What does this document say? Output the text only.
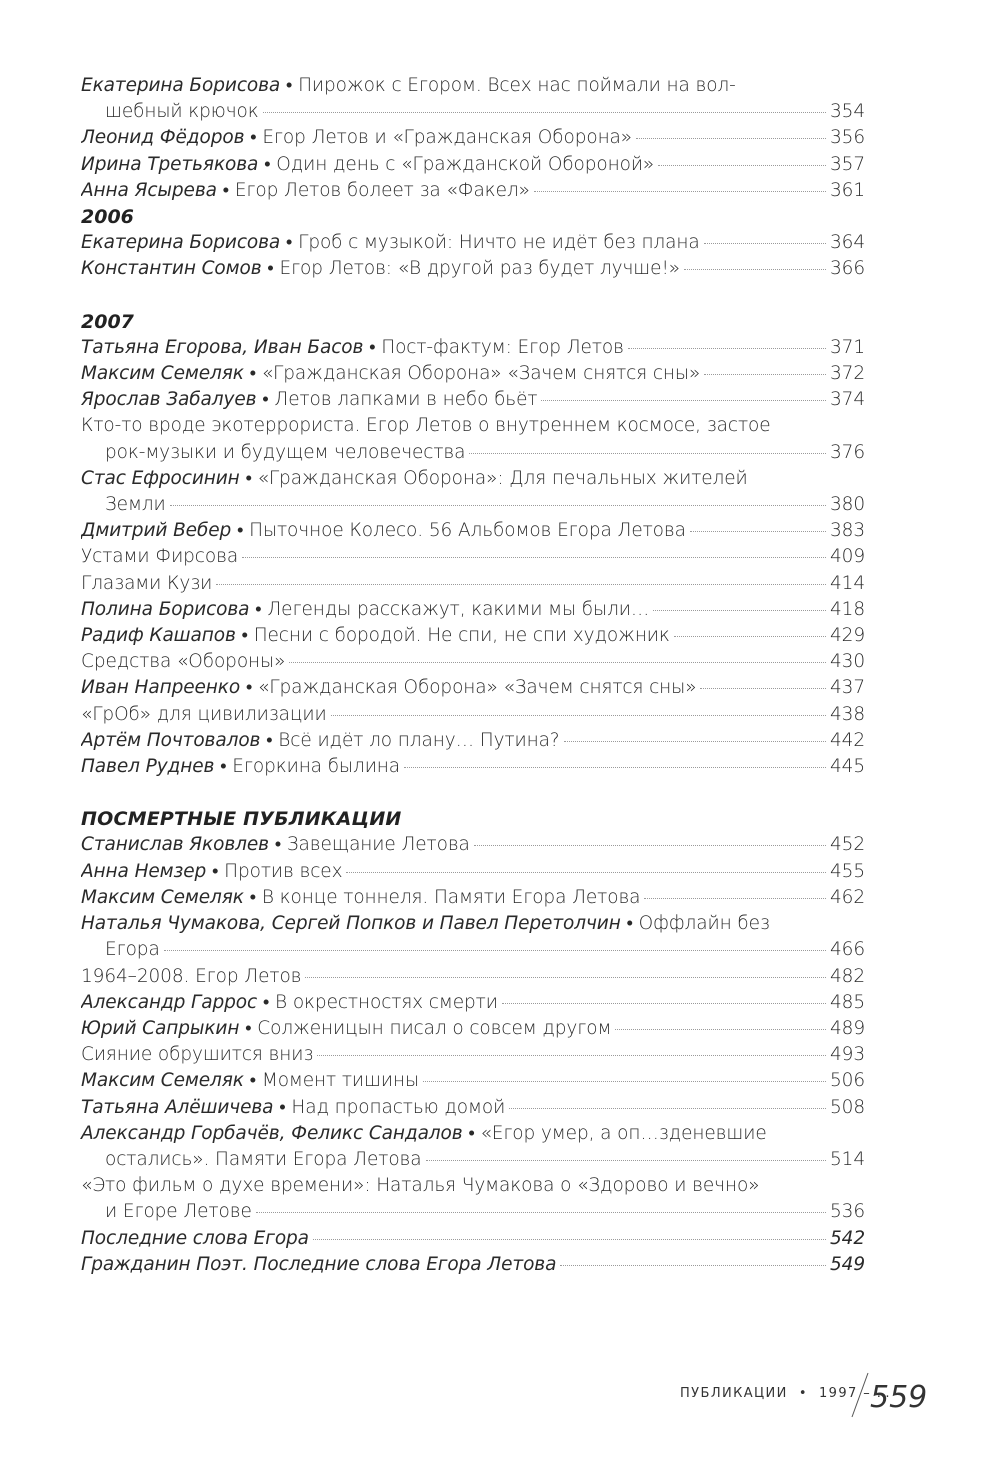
Екатерина Борисова • Пирожок с Егором. Всех нас поймали на вол-
шебный крючок	354
Леонид Фёдоров • Егор Летов и «Гражданская Оборона»	356
Ирина Третьякова • Один день с «Гражданской Обороной»	357
Анна Ясырева • Егор Летов болеет за «Факел»	361
2006
Екатерина Борисова • Гроб с музыкой: Ничто не идёт без плана	364
Константин Сомов • Егор Летов: «В другой раз будет лучше!»	366
2007
Татьяна Егорова, Иван Басов • Пост-фактум: Егор Летов	371
Максим Семеляк • «Гражданская Оборона» «Зачем снятся сны»	372
Ярослав Забалуев • Летов лапками в небо бьёт	374
Кто-то вроде экотеррориста. Егор Летов о внутреннем космосе, застое
рок-музыки и будущем человечества	376
Стас Ефросинин • «Гражданская Оборона»: Для печальных жителей
Земли	380
Дмитрий Вебер • Пыточное Колесо. 56 Альбомов Егора Летова	383
Устами Фирсова	409
Глазами Кузи	414
Полина Борисова • Легенды расскажут, какими мы были…	418
Радиф Кашапов • Песни с бородой. Не спи, не спи художник	429
Средства «Обороны»	430
Иван Напреенко • «Гражданская Оборона» «Зачем снятся сны»	437
«ГрОб» для цивилизации	438
Артём Почтовалов • Всё идёт ло плану… Путина?	442
Павел Руднев • Егоркина былина	445
ПОСМЕРТНЫЕ ПУБЛИКАЦИИ
Станислав Яковлев • Завещание Летова	452
Анна Немзер • Против всех	455
Максим Семеляк • В конце тоннеля. Памяти Егора Летова	462
Наталья Чумакова, Сергей Попков и Павел Перетолчин • Оффлайн без
Егора	466
1964–2008. Егор Летов	482
Александр Гаррос • В окрестностях смерти	485
Юрий Сапрыкин • Солженицын писал о совсем другом	489
Сияние обрушится вниз	493
Максим Семеляк • Момент тишины	506
Татьяна Алёшичева • Над пропастью домой	508
Александр Горбачёв, Феликс Сандалов • «Егор умер, а оп…зденевшие
остались». Памяти Егора Летова	514
«Это фильм о духе времени»: Наталья Чумакова о «Здорово и вечно»
и Егоре Летове	536
Последние слова Егора	542
Гражданин Поэт. Последние слова Егора Летова	549
ПУБЛИКАЦИИ • 1997 – …
559
